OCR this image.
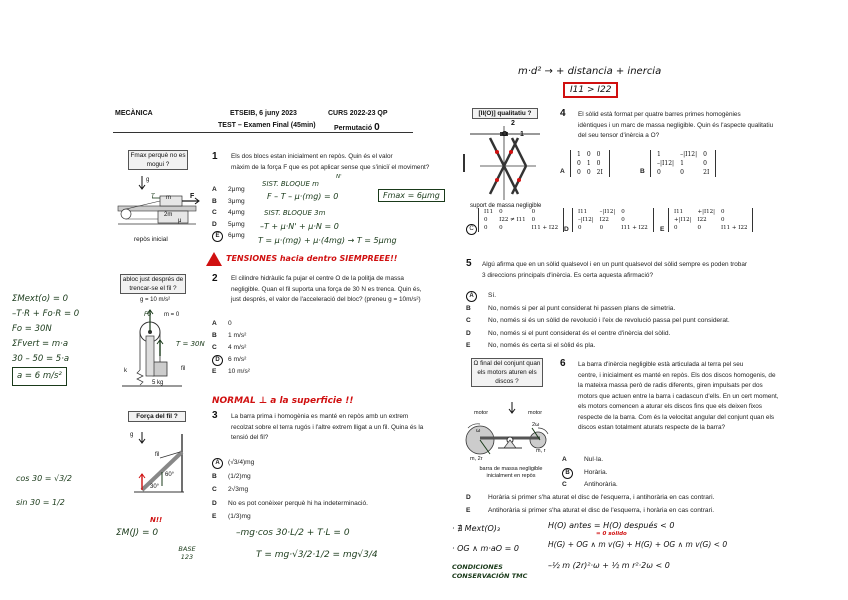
MECÀNICA	ETSEIB, 6 juny 2023	CURS 2022-23 QP
TEST – Examen Final (45min)	Permutació 0
Fmax perquè no es mogui ?
1 Els dos blocs estan inicialment en repòs. Quin és el valor
màxim de la força F que es pot aplicar sense que s'iniciï el moviment?
g
m
2m
F
μ
T
repòs inicial
A 2μmg
B 3μmg
C 4μmg
D 5μmg
E 6μmg
SIST. BLOQUE m
N'
F – T – μ·(mg) = 0	Fmax = 6μmg
SIST. BLOQUE 3m
–T + μ·N' + μ·N = 0
T = μ·(mg) + μ·(4mg) → T = 5μmg
TENSIONES hacia dentro SIEMPREEE!!
abloc just després de trencar-se el fil ?
2 El cilindre hidràulic fa pujar el centre O de la politja de massa
negligible. Quan el fil suporta una força de 30 N es trenca. Quin és,
just després, el valor de l'acceleració del bloc? (preneu g = 10m/s²)
g = 10 m/s²
m = 0
Fo
T = 30N
k	fil
5 kg
A 0
B 1 m/s²
C 4 m/s²
D 6 m/s²
E 10 m/s²
ΣMext(o) = 0
–T·R + Fo·R = 0
Fo = 30N
ΣFvert = m·a
30 – 50 = 5·a
a = 6 m/s²
NORMAL ⊥ a la superficie !!
Força del fil ?	3 La barra prima i homogènia es manté en repòs amb un extrem
recolzat sobre el terra rugós i l'altre extrem lligat a un fil. Quina és la
tensió del fil?
fil
60°
30°
g
N!!
A (√3/4)mg
B (1/2)mg
C 2√3mg
D No es pot conèixer perquè hi ha indeterminació.
E (1/3)mg
cos 30 = √3/2
sin 30 = 1/2
ΣM(J) = 0
BASE 123
–mg·cos 30·L/2 + T·L = 0
T = mg·√3/2·1/2 = mg√3/4
m·d² → + distancia + inercia
I11 > I22
[II(O)] qualitatiu ?	4 El sòlid està format per quatre barres primes homogènies
idèntiques i un marc de massa negligible. Quin és l'aspecte qualitatiu
del seu tensor d'inèrcia a O?
O 1
2
suport de massa negligible
A
1	0	0
0	1	0
0	0	2I	B
1	–|I12|	0
–|I12|	1	0
0	0	2I
C
I11	0	0
0	I22 ≠ I11	0
0	0	I11 + I22 D
I11	–|I12|	0
–|I12|	I22	0
0	0	I11 + I22 E
I11	+|I12|	0
+|I12|	I22	0
0	0	I11 + I22
5 Algú afirma que en un sòlid qualsevol i en un punt qualsevol del sòlid sempre es poden trobar
3 direccions principals d'inèrcia. Es certa aquesta afirmació?
A Sí.
B	No, només si per al punt considerat hi passen plans de simetria.
C	No, només si és un sòlid de revolució i l'eix de revolució passa pel punt considerat.
D	No, només si el punt considerat és el centre d'inèrcia del sòlid.
E	No, només és certa si el sòlid és pla.
Ω final del conjunt quan els motors aturen els discos ?
6 La barra d'inèrcia negligible està articulada al terra pel seu
centre, i inicialment es manté en repòs. Els dos discos homogenis, de
la mateixa massa però de radis diferents, giren impulsats per dos
motors que actuen entre la barra i cadascun d'ells. En un cert moment,
els motors comencen a aturar els discos fins que els deixen fixos
respecte de la barra. Com és la velocitat angular del conjunt quan els
discos estan totalment aturats respecte de la barra?
motor	motor
ω
2ω
m, 2r
m, r
barra de massa negligible inicialment en repòs
A	Nul·la.
B Horària.
C	Antihorària.
D	Horària si primer s'ha aturat el disc de l'esquerra, i antihorària en cas contrari.
E	Antihorària si primer s'ha aturat el disc de l'esquerra, i horària en cas contrari.
· ∄ Mext(O)₃
· OG ∧ m·aO = 0
H(O) antes = H(O) después < 0
= 0 sólido
H(G) + OG ∧ m v(G) + H(G) + OG ∧ m v(G) < 0
–½ m (2r)²·ω + ½ m r²·2ω < 0
CONDICIONES CONSERVACIÓN TMC
